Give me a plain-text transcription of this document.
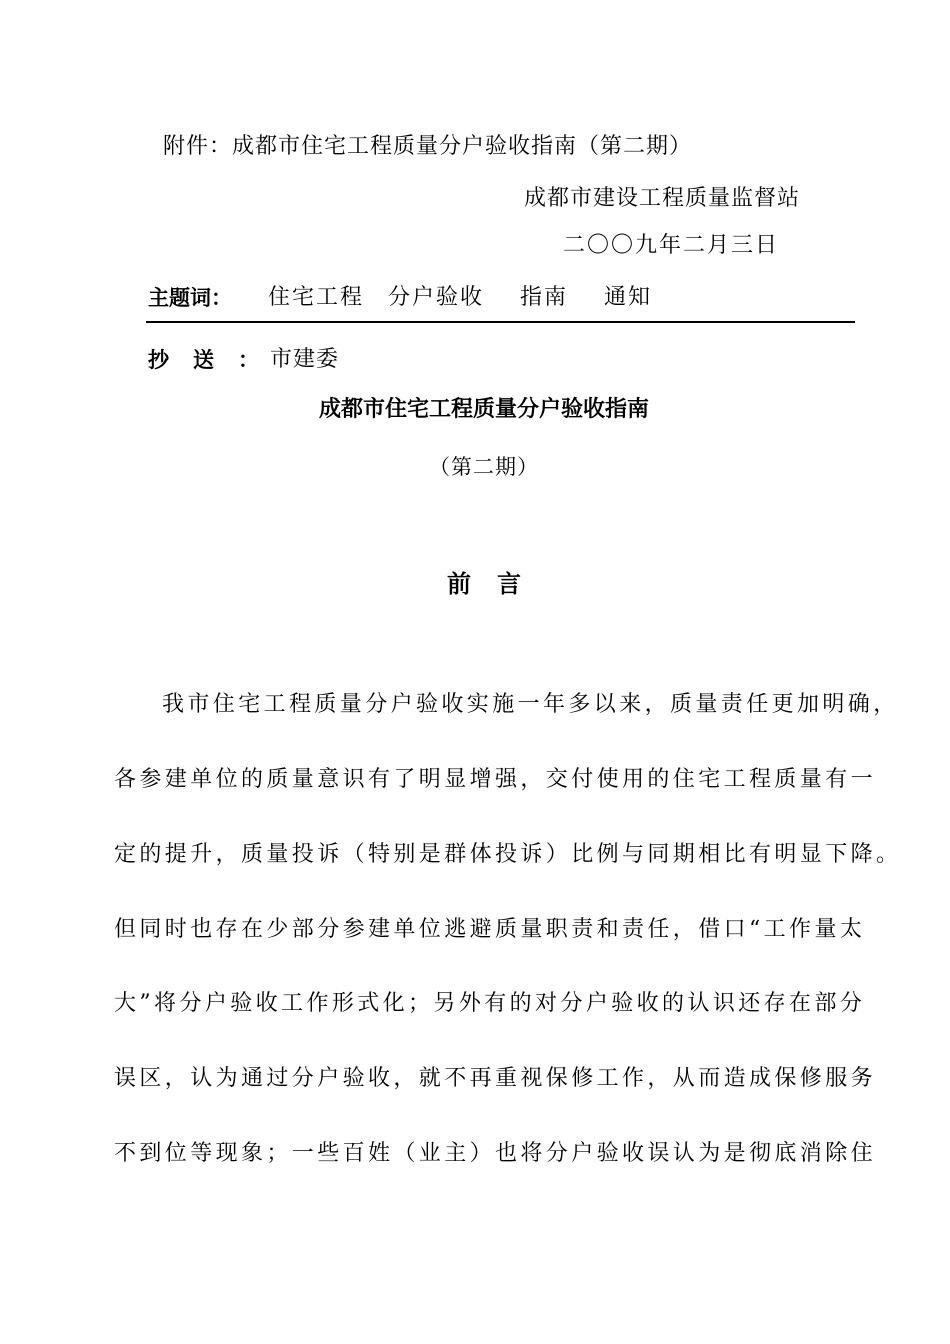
附件：成都市住宅工程质量分户验收指南（第二期）
成都市建设工程质量监督站
二〇〇九年二月三日
主题词： 住宅工程 分户验收 指南 通知
抄送：
市建委
成都市住宅工程质量分户验收指南
（第二期）
前言
我市住宅工程质量分户验收实施一年多以来，质量责任更加明确，
各参建单位的质量意识有了明显增强，交付使用的住宅工程质量有一
定的提升，质量投诉（特别是群体投诉）比例与同期相比有明显下降。
但同时也存在少部分参建单位逃避质量职责和责任，借口“工作量太
大”将分户验收工作形式化；另外有的对分户验收的认识还存在部分
误区，认为通过分户验收，就不再重视保修工作，从而造成保修服务
不到位等现象；一些百姓（业主）也将分户验收误认为是彻底消除住
